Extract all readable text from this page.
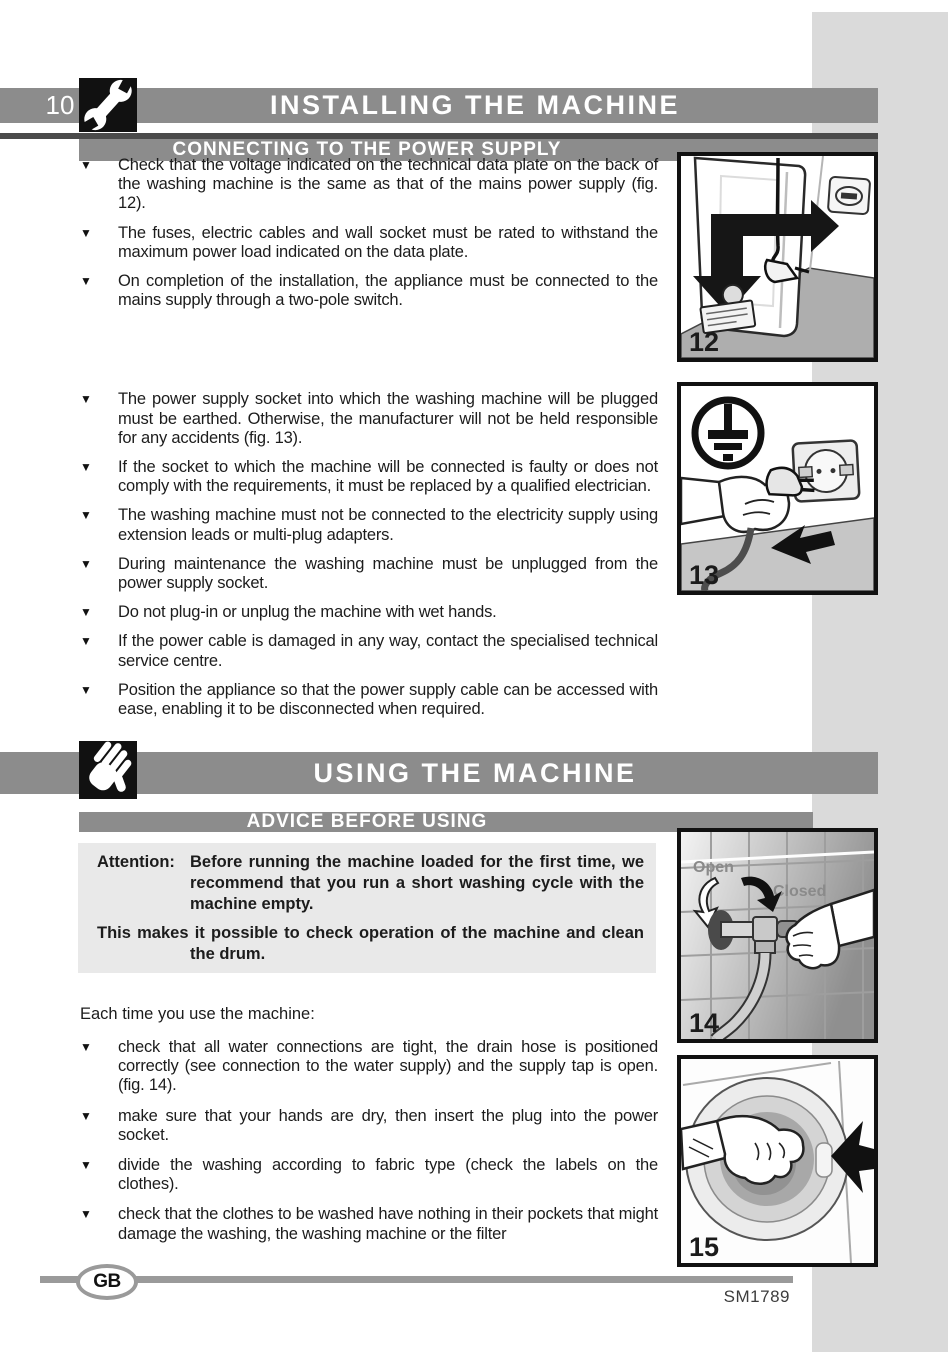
10	INSTALLING THE MACHINE
CONNECTING TO THE POWER SUPPLY
▼	Check that the voltage indicated on the technical data plate on the back of the washing machine is the same as that of the mains power supply (fig. 12).

▼	The fuses, electric cables and wall socket must be rated to withstand the maximum power load indicated on the data plate.

▼	On completion of the installation, the appliance must be connected to the mains supply through a two-pole switch.

▼	The power supply socket into which the washing machine will be plugged must be earthed. Otherwise, the manufacturer will not be held responsible for any accidents (fig. 13).

▼	If the socket to which the machine will be connected is faulty or does not comply with the requirements, it must be replaced by a qualified electrician.

▼	The washing machine must not be connected to the electricity supply using extension leads or multi-plug adapters.

▼	During maintenance the washing machine must be unplugged from the power supply socket.

▼	Do not plug-in or unplug the machine with wet hands.

▼	If the power cable is damaged in any way, contact the specialised technical service centre.

▼	Position the appliance so that the power supply cable can be accessed with ease, enabling it to be disconnected when required.

USING THE MACHINE
ADVICE BEFORE USING
Attention: Before running the machine loaded for the first time, we recommend that you run a short washing cycle with the machine empty.

This makes it possible to check operation of the machine and clean the drum.

Each time you use the machine:
▼	check that all water connections are tight, the drain hose is positioned correctly (see connection to the water supply) and the supply tap is open. (fig. 14).

▼	make sure that your hands are dry, then insert the plug into the power socket.

▼	divide the washing according to fabric type (check the labels on the clothes).

▼	check that the clothes to be washed have nothing in their pockets that might damage the washing, the washing machine or the filter

12
13
Open
Closed
14
15
GB
SM1789
